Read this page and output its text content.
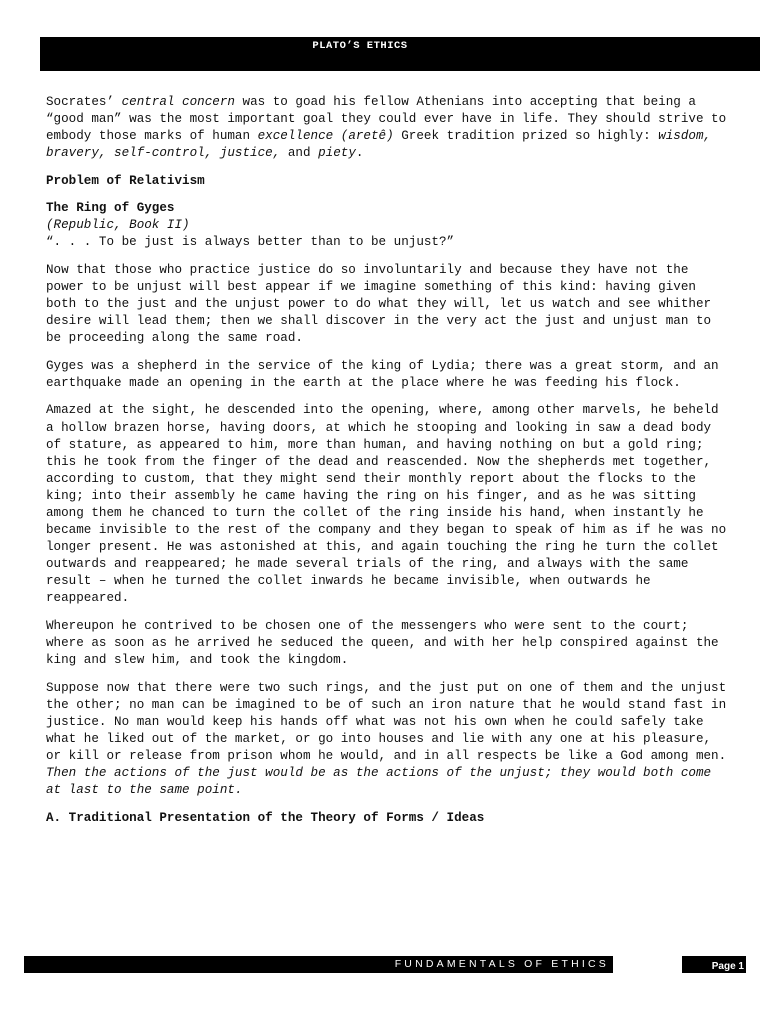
PLATO’S ETHICS

Socrates’ central concern was to goad his fellow Athenians into accepting that being a “good man” was the most important goal they could ever have in life. They should strive to embody those marks of human excellence (aretê) Greek tradition prized so highly: wisdom, bravery, self-control, justice, and piety.

Problem of Relativism

The Ring of Gyges

(Republic, Book II)

“. . . To be just is always better than to be unjust?”

Now that those who practice justice do so involuntarily and because they have not the power to be unjust will best appear if we imagine something of this kind: having given both to the just and the unjust power to do what they will, let us watch and see whither desire will lead them; then we shall discover in the very act the just and unjust man to be proceeding along the same road.

Gyges was a shepherd in the service of the king of Lydia; there was a great storm, and an earthquake made an opening in the earth at the place where he was feeding his flock.

Amazed at the sight, he descended into the opening, where, among other marvels, he beheld a hollow brazen horse, having doors, at which he stooping and looking in saw a dead body of stature, as appeared to him, more than human, and having nothing on but a gold ring; this he took from the finger of the dead and reascended. Now the shepherds met together, according to custom, that they might send their monthly report about the flocks to the king; into their assembly he came having the ring on his finger, and as he was sitting among them he chanced to turn the collet of the ring inside his hand, when instantly he became invisible to the rest of the company and they began to speak of him as if he was no longer present. He was astonished at this, and again touching the ring he turn the collet outwards and reappeared; he made several trials of the ring, and always with the same result – when he turned the collet inwards he became invisible, when outwards he reappeared.

Whereupon he contrived to be chosen one of the messengers who were sent to the court; where as soon as he arrived he seduced the queen, and with her help conspired against the king and slew him, and took the kingdom.

Suppose now that there were two such rings, and the just put on one of them and the unjust the other; no man can be imagined to be of such an iron nature that he would stand fast in justice. No man would keep his hands off what was not his own when he could safely take what he liked out of the market, or go into houses and lie with any one at his pleasure, or kill or release from prison whom he would, and in all respects be like a God among men. Then the actions of the just would be as the actions of the unjust; they would both come at last to the same point.

A. Traditional Presentation of the Theory of Forms / Ideas

FUNDAMENTALS OF ETHICS	Page 1
